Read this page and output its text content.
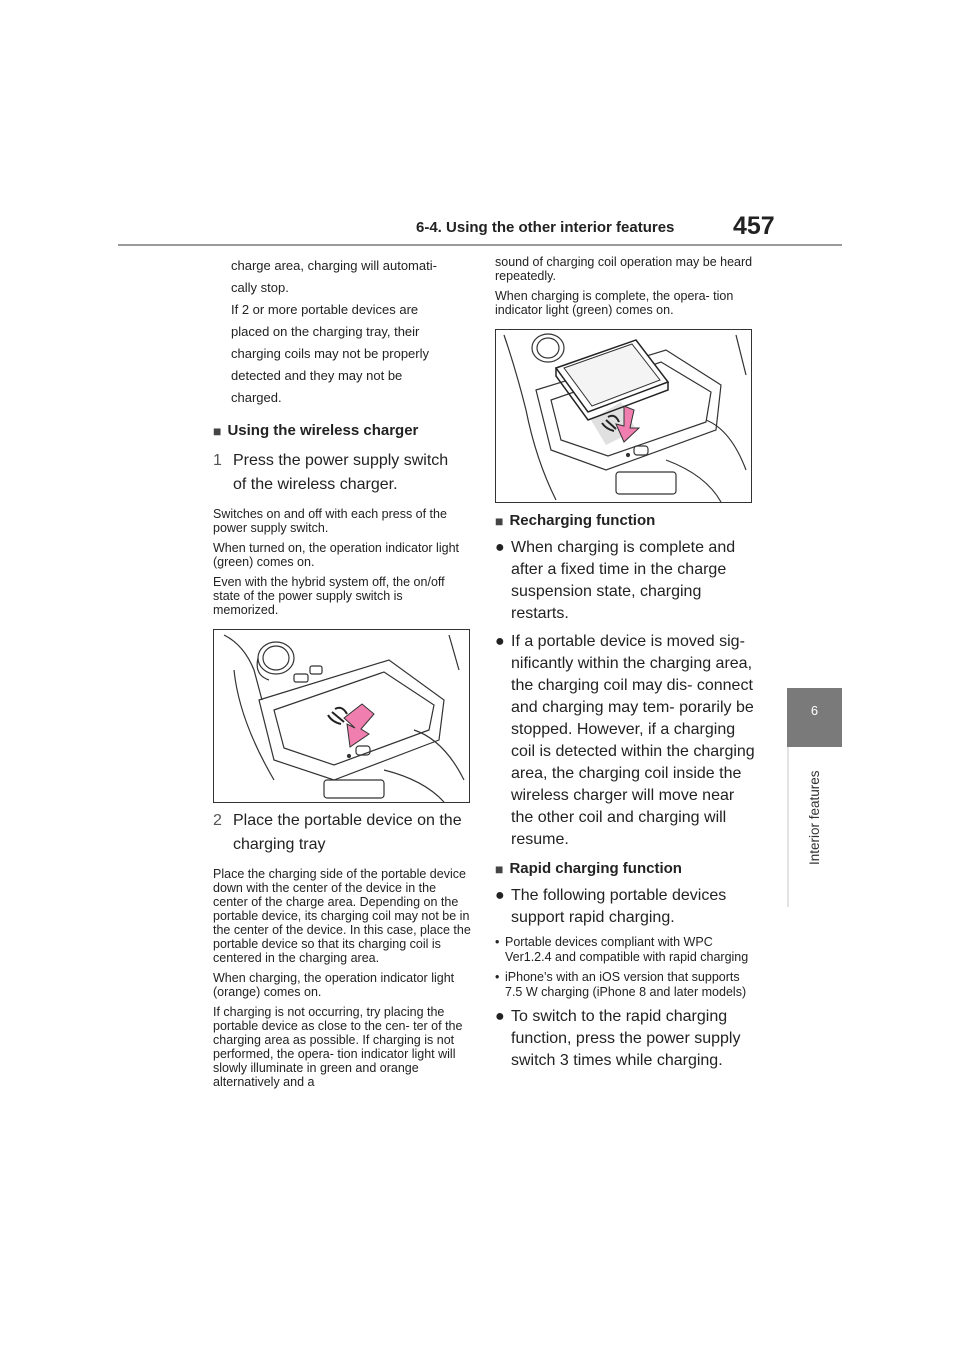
6-4. Using the other interior features 457
6
Interior features

charge area, charging will automati-

cally stop.

If 2 or more portable devices are

placed on the charging tray, their

charging coils may not be properly

detected and they may not be

charged.

■ Using the wireless charger
1 Press the power supply switch
of the wireless charger.

Switches on and off with each press of the power supply switch.

When turned on, the operation indicator light (green) comes on.

Even with the hybrid system off, the on/off state of the power supply switch is memorized.

2 Place the portable device on the
charging tray

Place the charging side of the portable device down with the center of the device in the center of the charge area. Depending on the portable device, its charging coil may not be in the center of the device. In this case, place the portable device so that its charging coil is centered in the charging area.

When charging, the operation indicator light (orange) comes on.

If charging is not occurring, try placing the portable device as close to the cen- ter of the charging area as possible. If charging is not performed, the opera- tion indicator light will slowly illuminate in green and orange alternatively and a

sound of charging coil operation may be heard repeatedly.

When charging is complete, the opera- tion indicator light (green) comes on.

■ Recharging function
● When charging is complete and after a fixed time in the charge suspension state, charging restarts.
● If a portable device is moved sig- nificantly within the charging area, the charging coil may dis- connect and charging may tem- porarily be stopped. However, if a charging coil is detected within the charging area, the charging coil inside the wireless charger will move near the other coil and charging will resume.
■ Rapid charging function
● The following portable devices support rapid charging.
• Portable devices compliant with WPC Ver1.2.4 and compatible with rapid charging
• iPhone’s with an iOS version that supports 7.5 W charging (iPhone 8 and later models)
● To switch to the rapid charging function, press the power supply switch 3 times while charging.
